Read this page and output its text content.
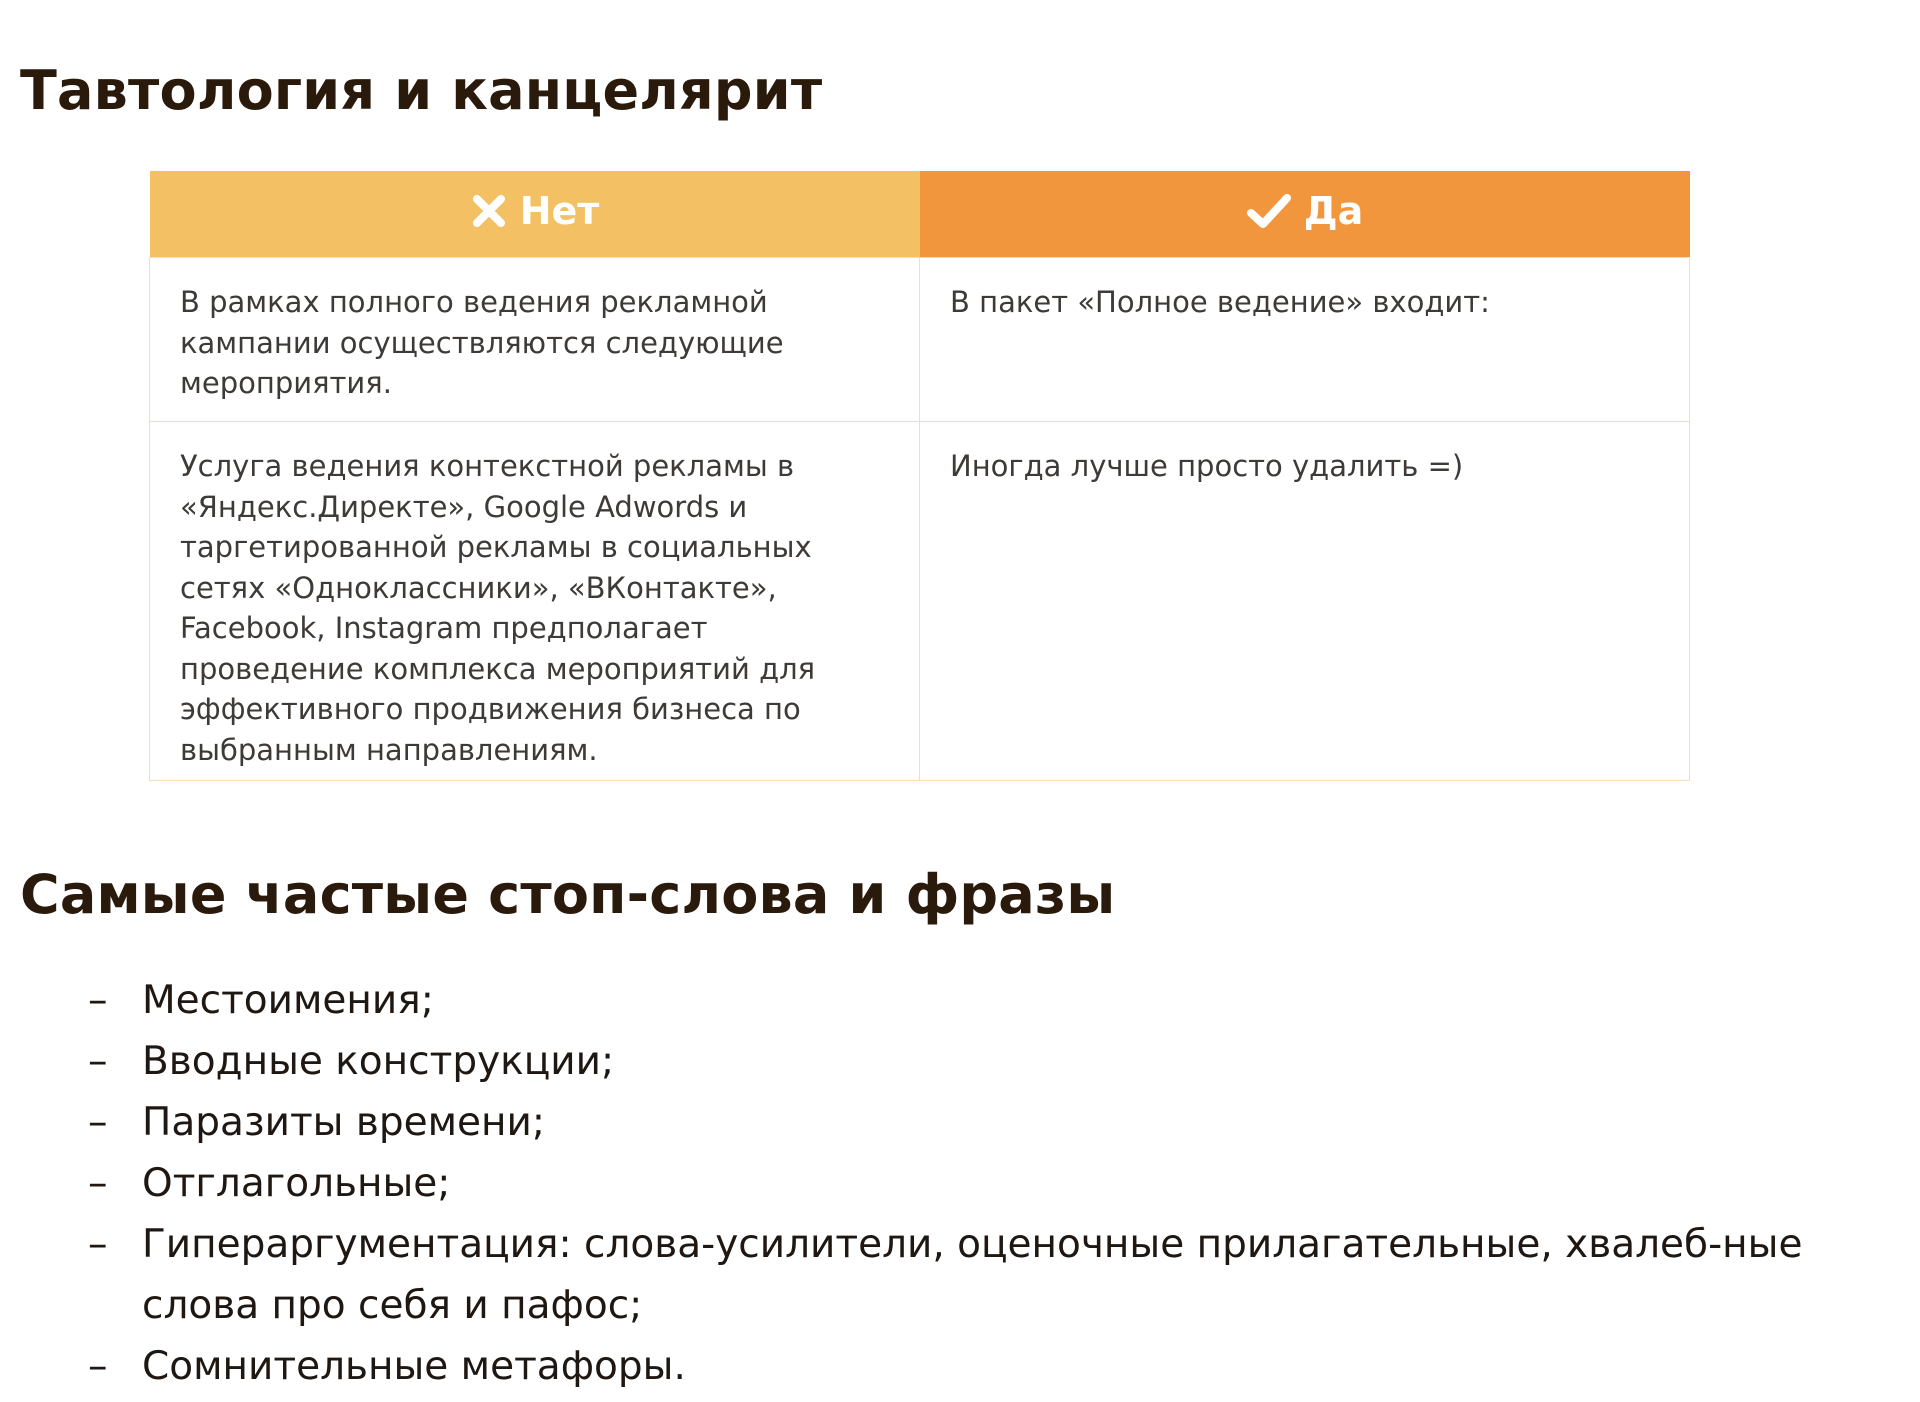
Тавтология и канцелярит
Нет	Да

В рамках полного ведения рекламной кампании осуществляются следующие мероприятия.	В пакет «Полное ведение» входит:
Услуга ведения контекстной рекламы в «Яндекс.Директе», Google Adwords и таргетированной рекламы в социальных сетях «Одноклассники», «ВКонтакте», Facebook, Instagram предполагает проведение комплекса мероприятий для эффективного продвижения бизнеса по выбранным направлениям.	Иногда лучше просто удалить =)
Самые частые стоп-слова и фразы
– Местоимения;
– Вводные конструкции;
– Паразиты времени;
– Отглагольные;
– Гипераргументация: слова-усилители, оценочные прилагательные, хвалеб-ные слова про себя и пафос;
– Сомнительные метафоры.
